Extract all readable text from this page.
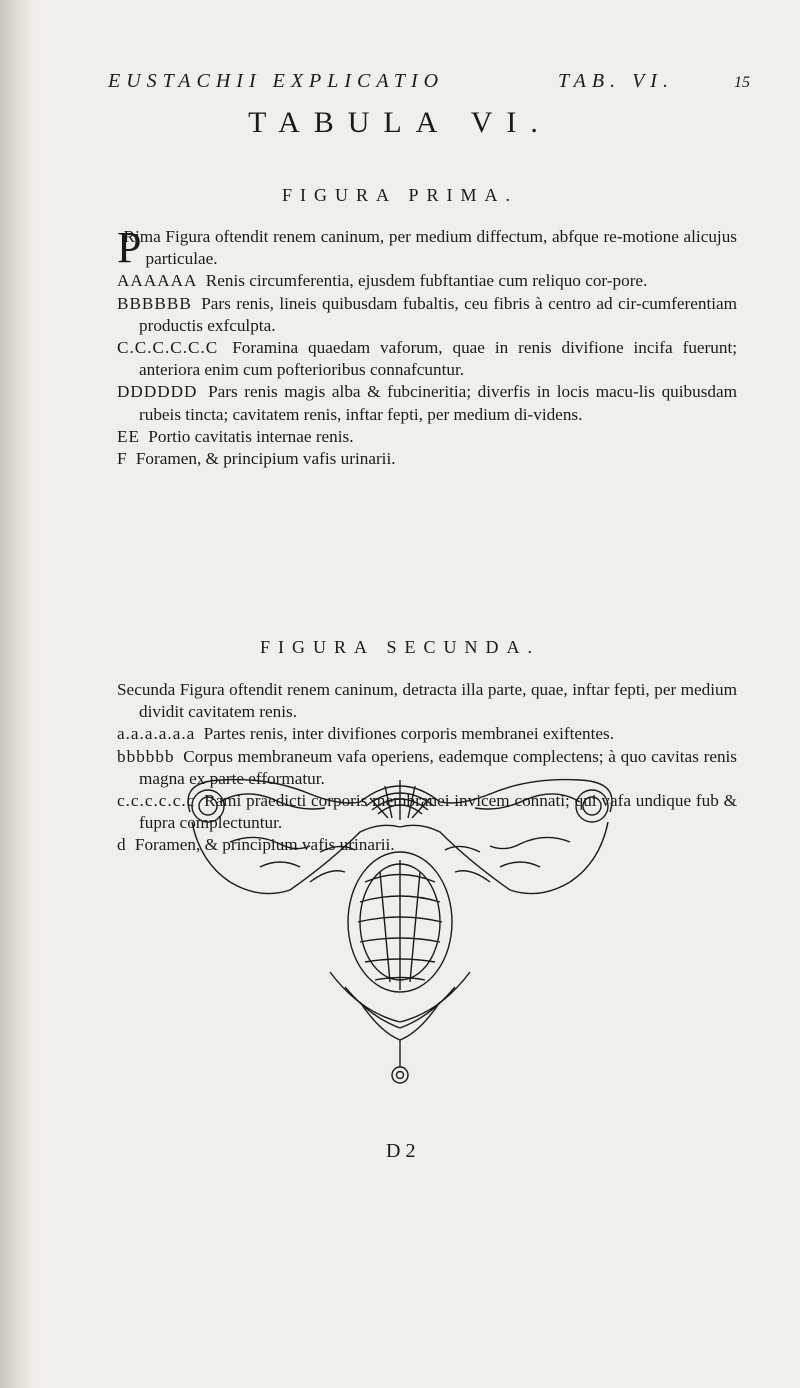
EUSTACHII EXPLICATIO	TAB. VI.	15
TABULA VI.
FIGURA PRIMA.
P
Rima Figura oftendit renem caninum, per medium diffectum, abfque re-motione alicujus particulae.
AAAAAA Renis circumferentia, ejusdem fubftantiae cum reliquo cor-pore.
BBBBBB Pars renis, lineis quibusdam fubaltis, ceu fibris à centro ad cir-cumferentiam productis exfculpta.
C.C.C.C.C.C Foramina quaedam vaforum, quae in renis divifione incifa fuerunt; anteriora enim cum pofterioribus connafcuntur.
DDDDDD Pars renis magis alba & fubcineritia; diverfis in locis macu-lis quibusdam rubeis tincta; cavitatem renis, inftar fepti, per medium di-videns.
EE Portio cavitatis internae renis.
F Foramen, & principium vafis urinarii.
FIGURA SECUNDA.
Secunda Figura oftendit renem caninum, detracta illa parte, quae, inftar fepti, per medium dividit cavitatem renis.
a.a.a.a.a.a Partes renis, inter divifiones corporis membranei exiftentes.
bbbbbb Corpus membraneum vafa operiens, eademque complectens; à quo cavitas renis magna ex parte efformatur.
c.c.c.c.c.c Rami praedicti corporis membranei invicem connati; qui vafa undique fub & fupra complectuntur.
d Foramen, & principium vafis urinarii.
D 2
